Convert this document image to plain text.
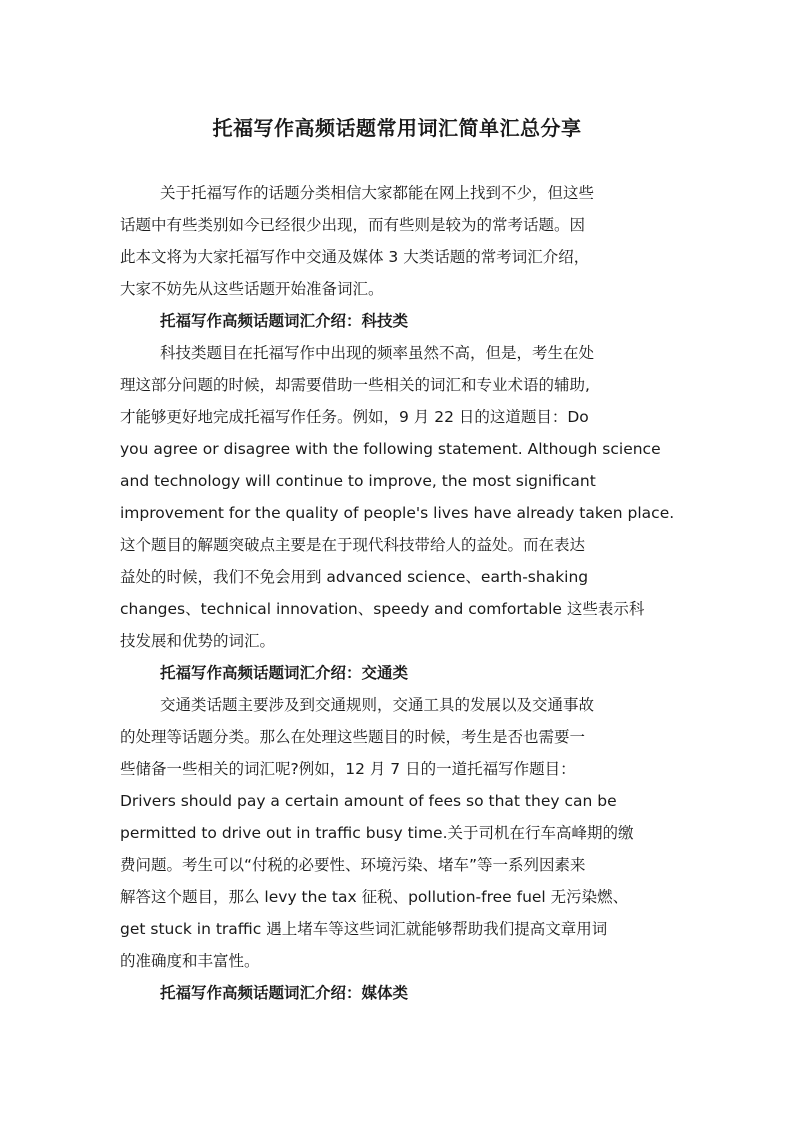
托福写作高频话题常用词汇简单汇总分享
关于托福写作的话题分类相信大家都能在网上找到不少，但这些
话题中有些类别如今已经很少出现，而有些则是较为的常考话题。因
此本文将为大家托福写作中交通及媒体 3 大类话题的常考词汇介绍，
大家不妨先从这些话题开始准备词汇。
托福写作高频话题词汇介绍：科技类
科技类题目在托福写作中出现的频率虽然不高，但是，考生在处
理这部分问题的时候，却需要借助一些相关的词汇和专业术语的辅助,
才能够更好地完成托福写作任务。例如，9 月 22 日的这道题目：Do
you agree or disagree with the following statement. Although science
and technology will continue to improve, the most significant
improvement for the quality of people's lives have already taken place.
这个题目的解题突破点主要是在于现代科技带给人的益处。而在表达
益处的时候，我们不免会用到 advanced science、earth-shaking
changes、technical innovation、speedy and comfortable 这些表示科
技发展和优势的词汇。
托福写作高频话题词汇介绍：交通类
交通类话题主要涉及到交通规则，交通工具的发展以及交通事故
的处理等话题分类。那么在处理这些题目的时候，考生是否也需要一
些储备一些相关的词汇呢?例如，12 月 7 日的一道托福写作题目：
Drivers should pay a certain amount of fees so that they can be
permitted to drive out in traffic busy time.关于司机在行车高峰期的缴
费问题。考生可以“付税的必要性、环境污染、堵车”等一系列因素来
解答这个题目，那么 levy the tax 征税、pollution-free fuel 无污染燃、
get stuck in traffic 遇上堵车等这些词汇就能够帮助我们提高文章用词
的准确度和丰富性。
托福写作高频话题词汇介绍：媒体类
